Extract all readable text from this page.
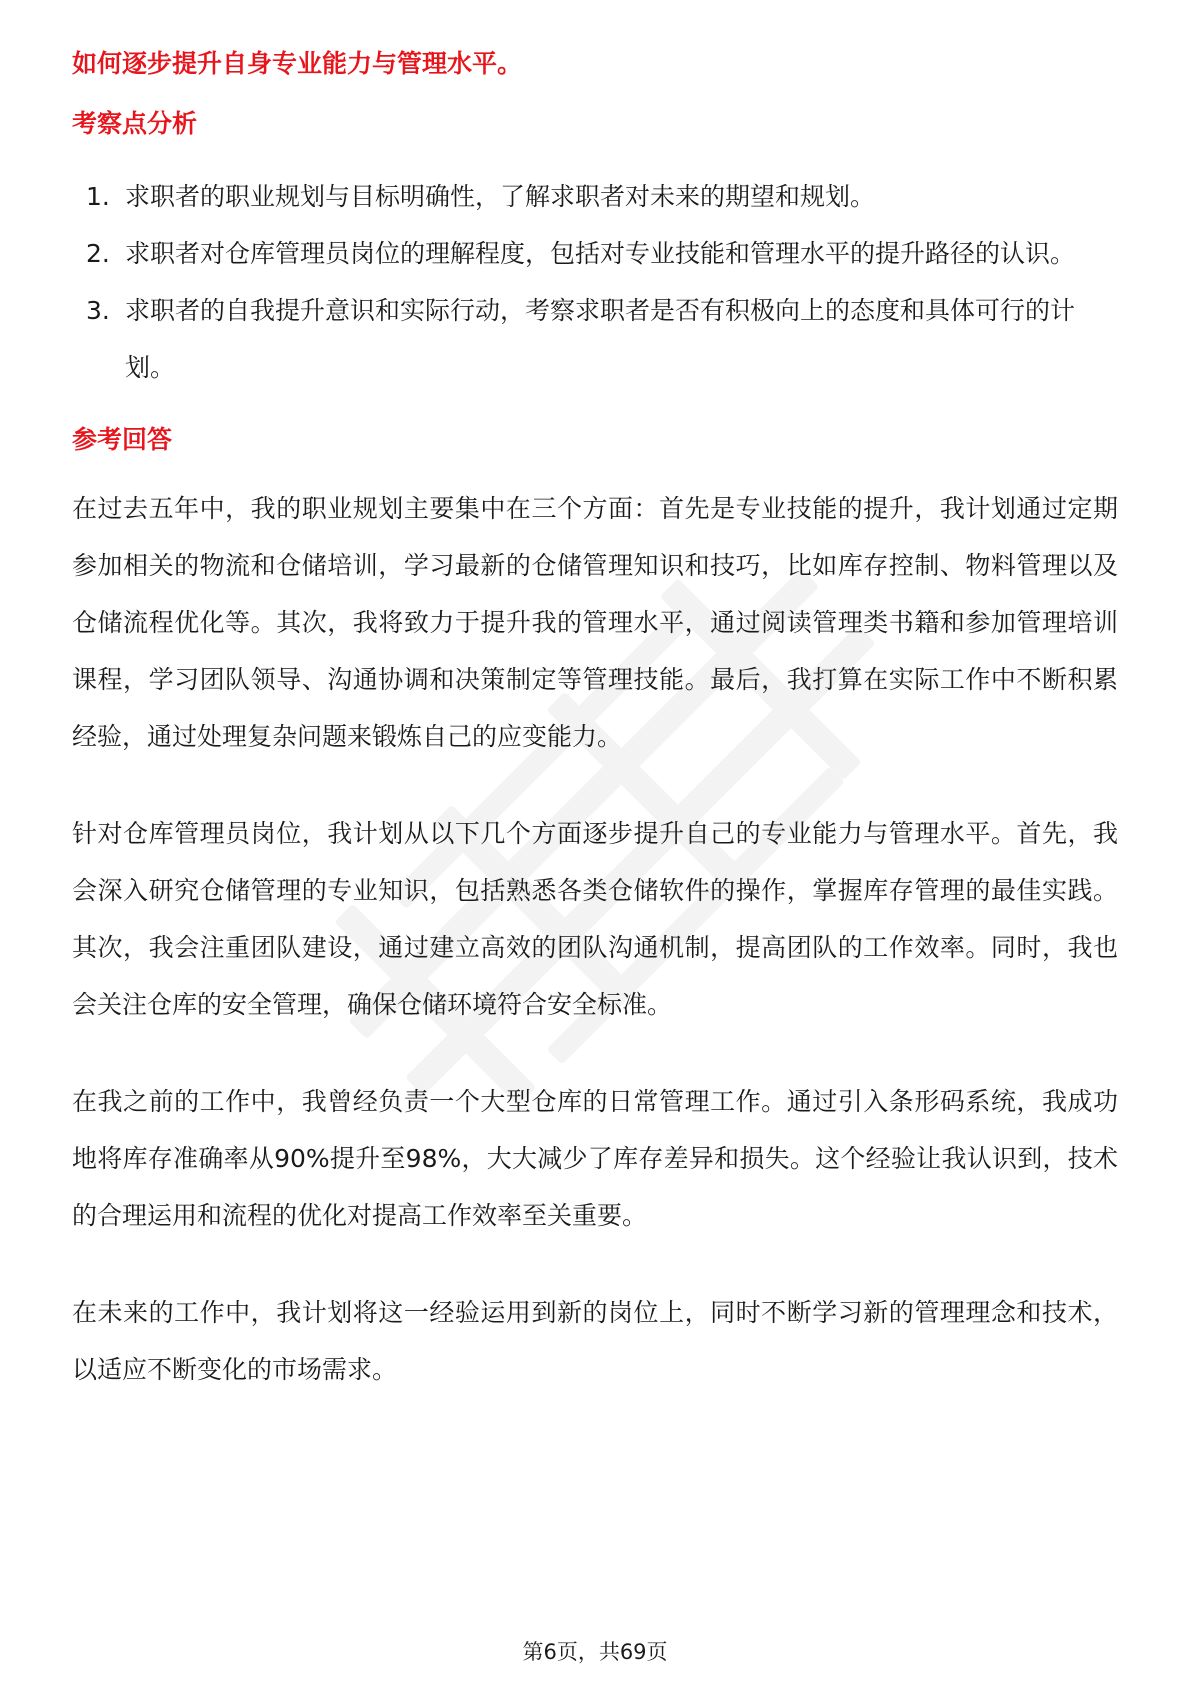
如何逐步提升自身专业能力与管理水平。
考察点分析
1. 求职者的职业规划与目标明确性，了解求职者对未来的期望和规划。
2. 求职者对仓库管理员岗位的理解程度，包括对专业技能和管理水平的提升路径的认识。
3. 求职者的自我提升意识和实际行动，考察求职者是否有积极向上的态度和具体可行的计划。
参考回答

在过去五年中，我的职业规划主要集中在三个方面：首先是专业技能的提升，我计划通过定期参加相关的物流和仓储培训，学习最新的仓储管理知识和技巧，比如库存控制、物料管理以及仓储流程优化等。其次，我将致力于提升我的管理水平，通过阅读管理类书籍和参加管理培训课程，学习团队领导、沟通协调和决策制定等管理技能。最后，我打算在实际工作中不断积累经验，通过处理复杂问题来锻炼自己的应变能力。

针对仓库管理员岗位，我计划从以下几个方面逐步提升自己的专业能力与管理水平。首先，我会深入研究仓储管理的专业知识，包括熟悉各类仓储软件的操作，掌握库存管理的最佳实践。其次，我会注重团队建设，通过建立高效的团队沟通机制，提高团队的工作效率。同时，我也会关注仓库的安全管理，确保仓储环境符合安全标准。

在我之前的工作中，我曾经负责一个大型仓库的日常管理工作。通过引入条形码系统，我成功地将库存准确率从90%提升至98%，大大减少了库存差异和损失。这个经验让我认识到，技术的合理运用和流程的优化对提高工作效率至关重要。

在未来的工作中，我计划将这一经验运用到新的岗位上，同时不断学习新的管理理念和技术，以适应不断变化的市场需求。

第6页，共69页
